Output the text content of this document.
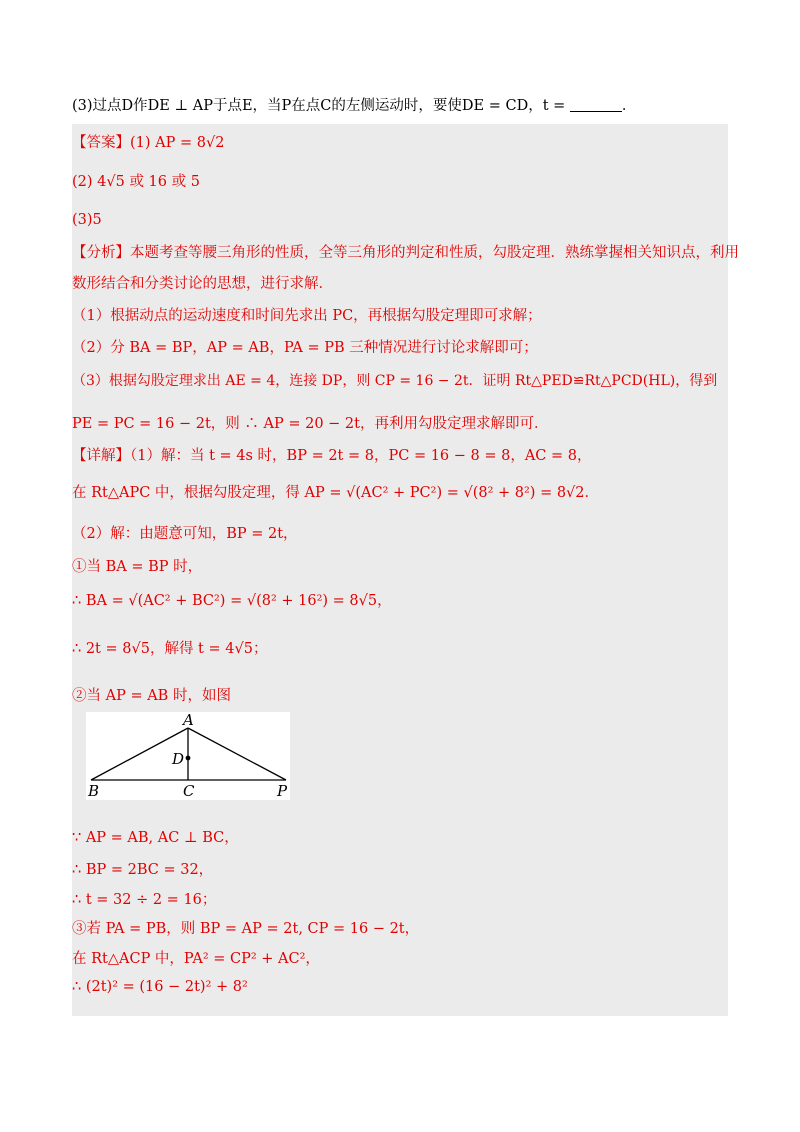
(3)过点D作DE ⊥ AP于点E，当P在点C的左侧运动时，要使DE = CD，t =	．
【答案】(1) AP = 8√2
(2) 4√5 或 16 或 5
(3)5
【分析】本题考查等腰三角形的性质，全等三角形的判定和性质，勾股定理．熟练掌握相关知识点，利用
数形结合和分类讨论的思想，进行求解．
（1）根据动点的运动速度和时间先求出 PC，再根据勾股定理即可求解；
（2）分 BA = BP，AP = AB，PA = PB 三种情况进行讨论求解即可；
（3）根据勾股定理求出 AE = 4，连接 DP，则 CP = 16 − 2t．证明 Rt△PED≌Rt△PCD(HL)，得到
PE = PC = 16 − 2t，则 ∴ AP = 20 − 2t，再利用勾股定理求解即可．
【详解】（1）解：当 t = 4s 时，BP = 2t = 8，PC = 16 − 8 = 8，AC = 8，
在 Rt△APC 中，根据勾股定理，得 AP = √(AC² + PC²) = √(8² + 8²) = 8√2．
（2）解：由题意可知，BP = 2t，
①当 BA = BP 时，
∴ BA = √(AC² + BC²) = √(8² + 16²) = 8√5，
∴ 2t = 8√5，解得 t = 4√5；
②当 AP = AB 时，如图
A
D
B	C	P
∵ AP = AB, AC ⊥ BC，
∴ BP = 2BC = 32，
∴ t = 32 ÷ 2 = 16；
③若 PA = PB，则 BP = AP = 2t, CP = 16 − 2t，
在 Rt△ACP 中，PA² = CP² + AC²，
∴ (2t)² = (16 − 2t)² + 8²
